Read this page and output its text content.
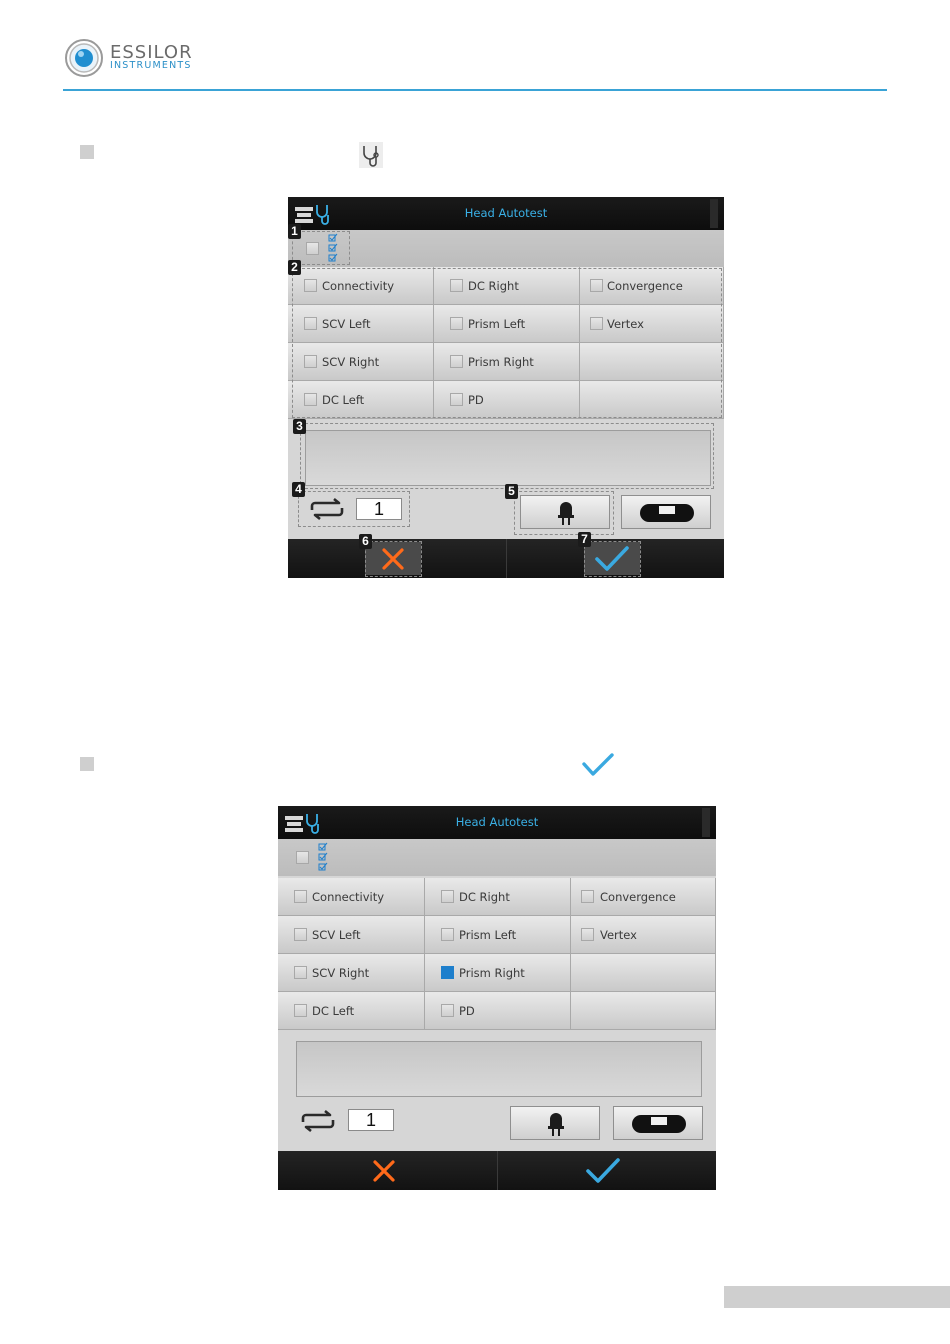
ESSILOR
INSTRUMENTS
Head Autotest
Connectivity	DC Right	Convergence
SCV Left	Prism Left	Vertex
SCV Right	Prism Right
DC Left	PD
1
1
2
3
4	5
6	7
Head Autotest
Connectivity	DC Right	Convergence
SCV Left	Prism Left	Vertex
SCV Right	Prism Right
DC Left	PD
1
